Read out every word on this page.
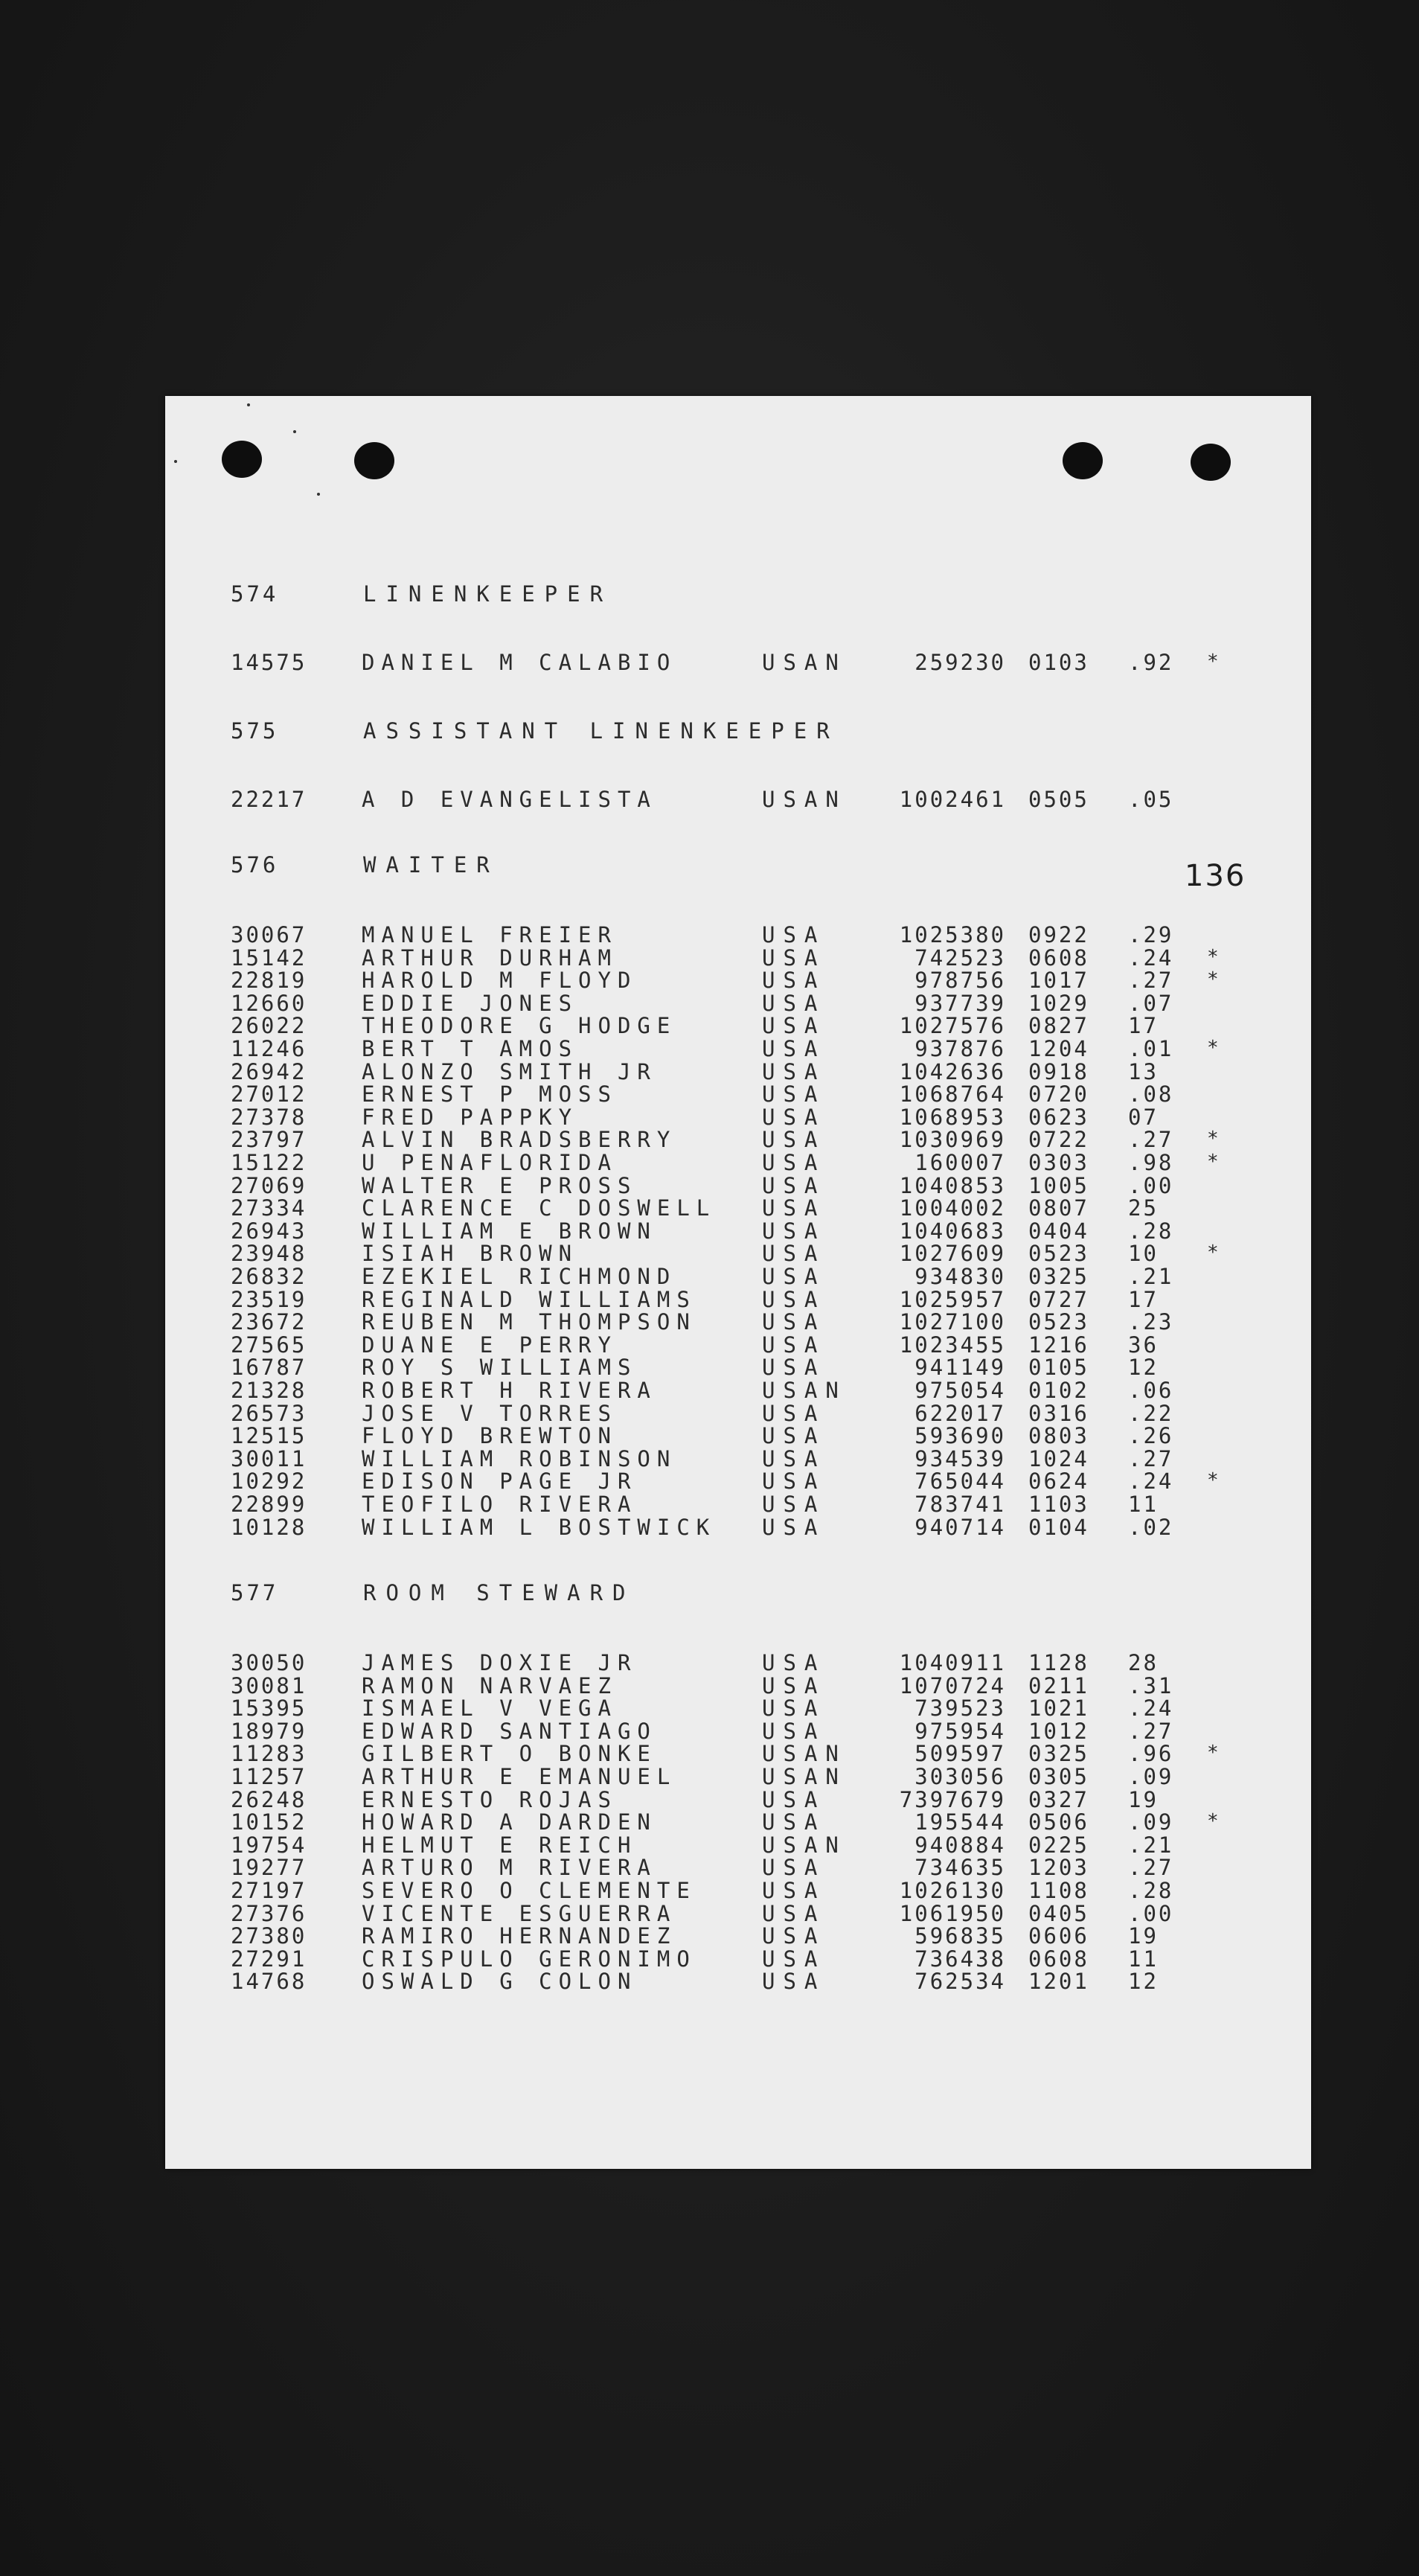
136
574	LINENKEEPER
14575	DANIEL M CALABIO	USAN	259230 0103	.92	*
575	ASSISTANT LINENKEEPER
22217	A D EVANGELISTA	USAN	1002461 0505	.05
576	WAITER
30067	MANUEL FREIER	USA	1025380 0922	.29
15142	ARTHUR DURHAM	USA	742523 0608	.24	*
22819	HAROLD M FLOYD	USA	978756 1017	.27	*
12660	EDDIE JONES	USA	937739 1029	.07
26022	THEODORE G HODGE	USA	1027576 0827	17
11246	BERT T AMOS	USA	937876 1204	.01	*
26942	ALONZO SMITH JR	USA	1042636 0918	13
27012	ERNEST P MOSS	USA	1068764 0720	.08
27378	FRED PAPPKY	USA	1068953 0623	07
23797	ALVIN BRADSBERRY	USA	1030969 0722	.27	*
15122	U PENAFLORIDA	USA	160007 0303	.98	*
27069	WALTER E PROSS	USA	1040853 1005	.00
27334	CLARENCE C DOSWELL	USA	1004002 0807	25
26943	WILLIAM E BROWN	USA	1040683 0404	.28
23948	ISIAH BROWN	USA	1027609 0523	10	*
26832	EZEKIEL RICHMOND	USA	934830 0325	.21
23519	REGINALD WILLIAMS	USA	1025957 0727	17
23672	REUBEN M THOMPSON	USA	1027100 0523	.23
27565	DUANE E PERRY	USA	1023455 1216	36
16787	ROY S WILLIAMS	USA	941149 0105	12
21328	ROBERT H RIVERA	USAN	975054 0102	.06
26573	JOSE V TORRES	USA	622017 0316	.22
12515	FLOYD BREWTON	USA	593690 0803	.26
30011	WILLIAM ROBINSON	USA	934539 1024	.27
10292	EDISON PAGE JR	USA	765044 0624	.24	*
22899	TEOFILO RIVERA	USA	783741 1103	11
10128	WILLIAM L BOSTWICK	USA	940714 0104	.02
577	ROOM STEWARD
30050	JAMES DOXIE JR	USA	1040911 1128	28
30081	RAMON NARVAEZ	USA	1070724 0211	.31
15395	ISMAEL V VEGA	USA	739523 1021	.24
18979	EDWARD SANTIAGO	USA	975954 1012	.27
11283	GILBERT O BONKE	USAN	509597 0325	.96	*
11257	ARTHUR E EMANUEL	USAN	303056 0305	.09
26248	ERNESTO ROJAS	USA	7397679 0327	19
10152	HOWARD A DARDEN	USA	195544 0506	.09	*
19754	HELMUT E REICH	USAN	940884 0225	.21
19277	ARTURO M RIVERA	USA	734635 1203	.27
27197	SEVERO O CLEMENTE	USA	1026130 1108	.28
27376	VICENTE ESGUERRA	USA	1061950 0405	.00
27380	RAMIRO HERNANDEZ	USA	596835 0606	19
27291	CRISPULO GERONIMO	USA	736438 0608	11
14768	OSWALD G COLON	USA	762534 1201	12
